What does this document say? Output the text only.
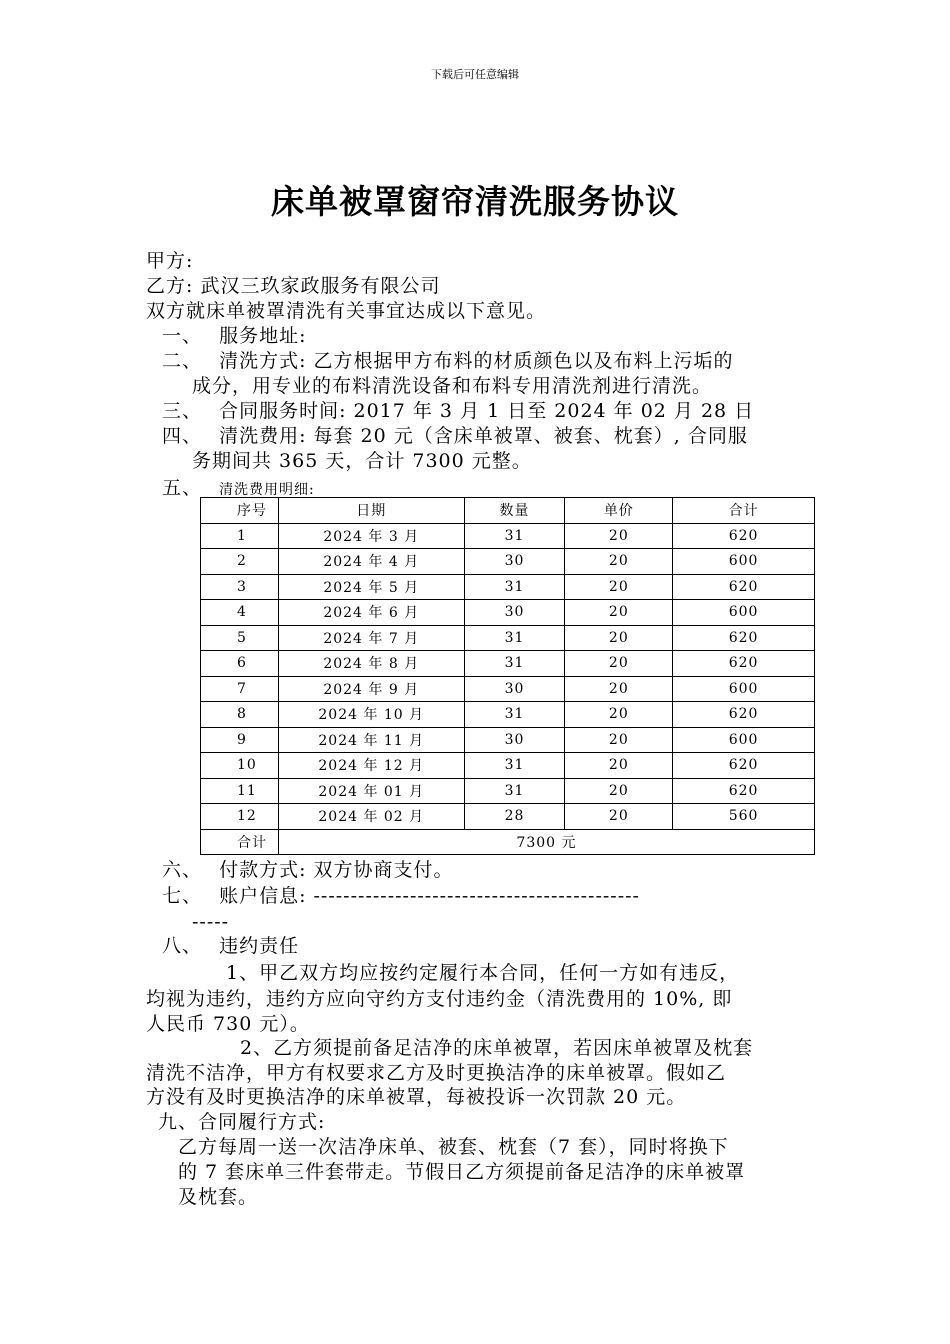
下载后可任意编辑
床单被罩窗帘清洗服务协议
甲方:
乙方: 武汉三玖家政服务有限公司
双方就床单被罩清洗有关事宜达成以下意见。
一、 服务地址:
二、 清洗方式: 乙方根据甲方布料的材质颜色以及布料上污垢的
成分，用专业的布料清洗设备和布料专用清洗剂进行清洗。
三、 合同服务时间: 2017 年 3 月 1 日至 2024 年 02 月 28 日
四、 清洗费用: 每套 20 元（含床单被罩、被套、枕套）, 合同服
务期间共 365 天，合计 7300 元整。
五、 清洗费用明细:
序号	日期	数量	单价	合计
1	2024 年 3 月	31	20	620
2	2024 年 4 月	30	20	600
3	2024 年 5 月	31	20	620
4	2024 年 6 月	30	20	600
5	2024 年 7 月	31	20	620
6	2024 年 8 月	31	20	620
7	2024 年 9 月	30	20	600
8	2024 年 10 月	31	20	620
9	2024 年 11 月	30	20	600
10	2024 年 12 月	31	20	620
11	2024 年 01 月	31	20	620
12	2024 年 02 月	28	20	560
合计	7300 元			
六、 付款方式: 双方协商支付。
七、 账户信息: --------------------------------------------
-----
八、 违约责任
1、甲乙双方均应按约定履行本合同，任何一方如有违反，
均视为违约，违约方应向守约方支付违约金（清洗费用的 10%, 即
人民币 730 元）。
2、乙方须提前备足洁净的床单被罩，若因床单被罩及枕套
清洗不洁净，甲方有权要求乙方及时更换洁净的床单被罩。假如乙
方没有及时更换洁净的床单被罩，每被投诉一次罚款 20 元。
九、合同履行方式:
乙方每周一送一次洁净床单、被套、枕套（7 套），同时将换下
的 7 套床单三件套带走。节假日乙方须提前备足洁净的床单被罩
及枕套。
